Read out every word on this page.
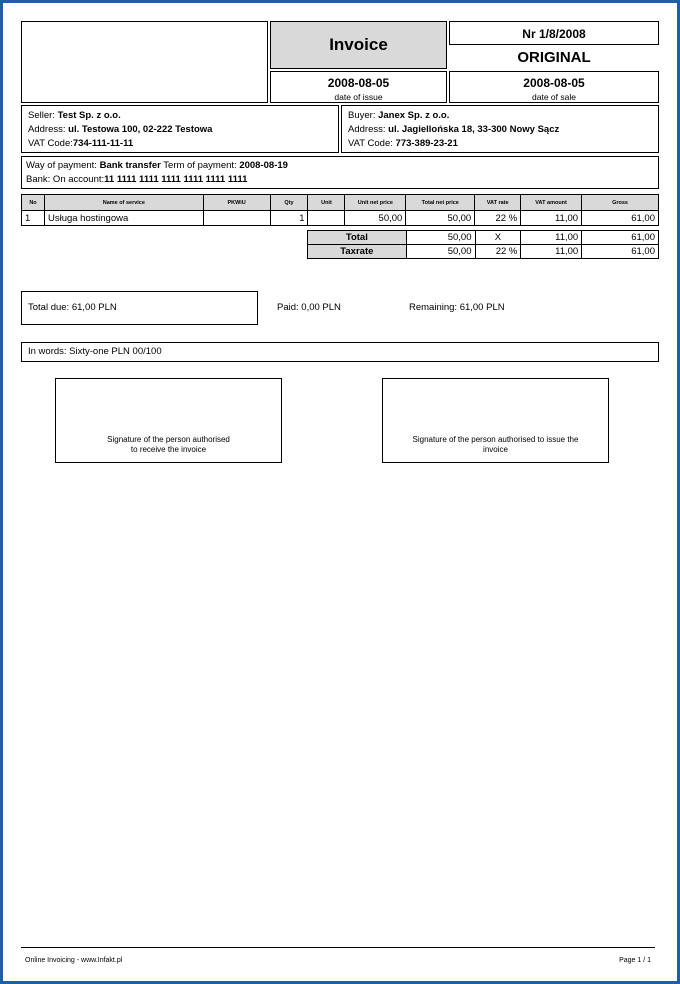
Invoice
2008-08-05
date of issue
Nr 1/8/2008
ORIGINAL
2008-08-05
date of sale
Seller: Test Sp. z o.o.
Address: ul. Testowa 100, 02-222 Testowa
VAT Code:734-111-11-11
Buyer: Janex Sp. z o.o.
Address: ul. Jagiellońska 18, 33-300 Nowy Sącz
VAT Code: 773-389-23-21
Way of payment: Bank transfer Term of payment: 2008-08-19
Bank: On account:11 1111 1111 1111 1111 1111 1111
No	Name of service	PKWiU	Qty	Unit	Unit net price	Total net price	VAT rate	VAT amount	Gross
1	Usługa hostingowa		1		50,00	50,00	22 %	11,00	61,00
Total	50,00	X	11,00	61,00
Taxrate	50,00	22 %	11,00	61,00
Total due: 61,00 PLN	Paid: 0,00 PLN	Remaining: 61,00 PLN
In words: Sixty-one PLN 00/100
Signature of the person authorised
to receive the invoice
Signature of the person authorised to issue the
invoice
Online Invoicing - www.Infakt.pl	Page 1 / 1
